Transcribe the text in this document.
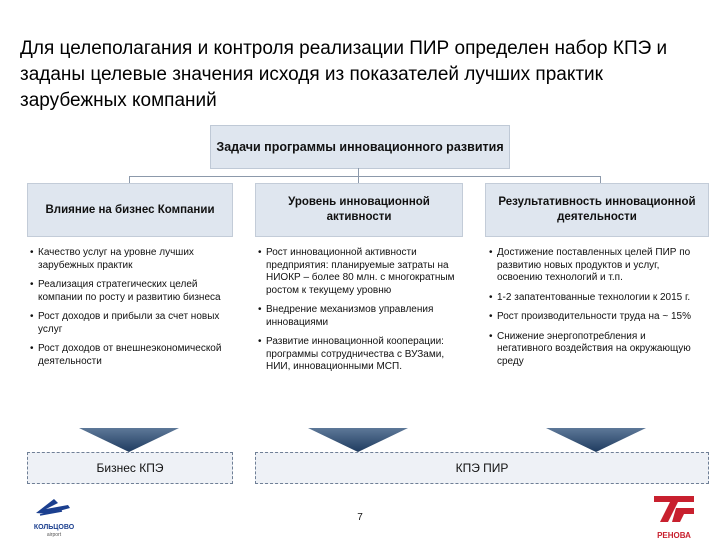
Для целеполагания и контроля реализации ПИР определен набор КПЭ и заданы целевые значения исходя из показателей лучших практик зарубежных компаний
Задачи программы инновационного развития
Влияние на бизнес Компании
Уровень инновационной активности
Результативность инновационной деятельности
• Качество услуг на уровне лучших зарубежных практик
• Реализация стратегических целей компании по росту и развитию бизнеса
• Рост доходов и прибыли за счет новых услуг
• Рост доходов от внешнеэкономической деятельности
• Рост инновационной активности предприятия: планируемые затраты на НИОКР – более 80 млн. с многократным ростом к текущему уровню
• Внедрение механизмов управления инновациями
• Развитие инновационной кооперации: программы сотрудничества с ВУЗами, НИИ, инновационными МСП.
• Достижение поставленных целей ПИР по развитию новых продуктов и услуг, освоению технологий и т.п.
• 1-2 запатентованные технологии к 2015 г.
• Рост производительности труда на ~ 15%
• Снижение энергопотребления и негативного воздействия на окружающую среду
Бизнес КПЭ	КПЭ ПИР
7
КОЛЬЦОВО
airport	РЕНОВА
